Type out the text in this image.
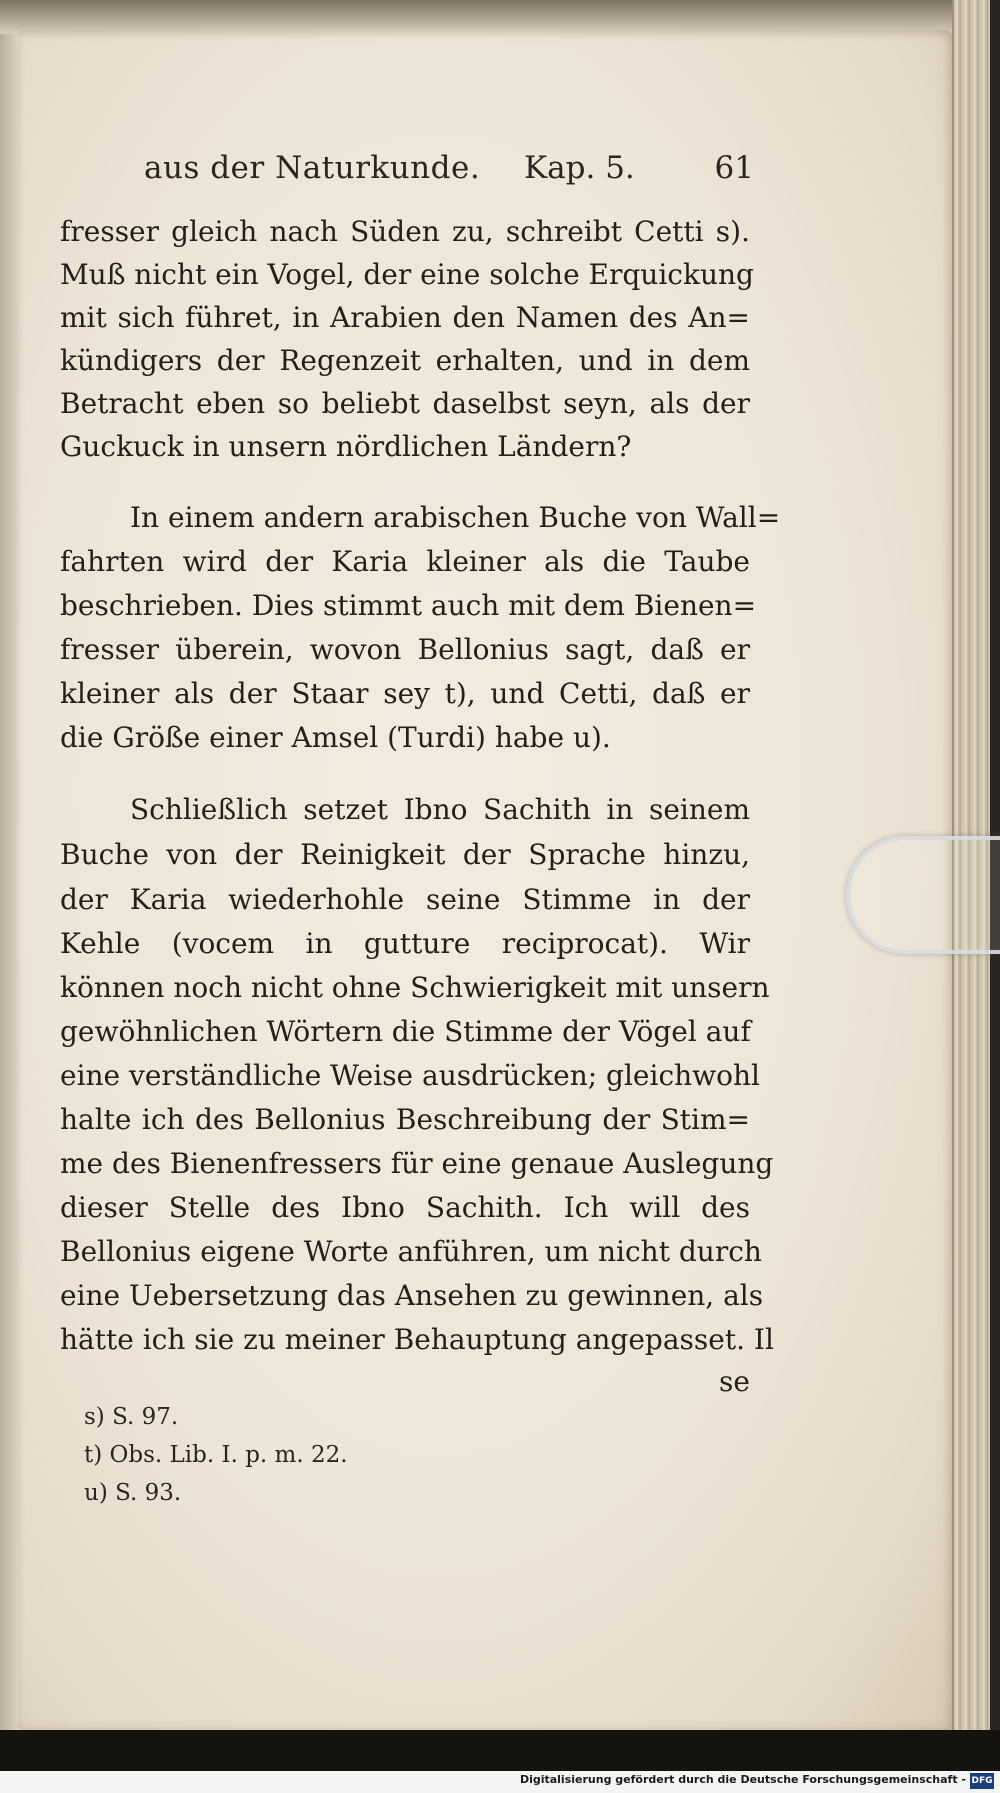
aus der Naturkunde. Kap. 5.	61
fresser gleich nach Süden zu, schreibt Cetti s).
Muß nicht ein Vogel, der eine solche Erquickung
mit sich führet, in Arabien den Namen des An=
kündigers der Regenzeit erhalten, und in dem
Betracht eben so beliebt daselbst seyn, als der
Guckuck in unsern nördlichen Ländern?
In einem andern arabischen Buche von Wall=
fahrten wird der Karia kleiner als die Taube
beschrieben. Dies stimmt auch mit dem Bienen=
fresser überein, wovon Bellonius sagt, daß er
kleiner als der Staar sey t), und Cetti, daß er
die Größe einer Amsel (Turdi) habe u).
Schließlich setzet Ibno Sachith in seinem
Buche von der Reinigkeit der Sprache hinzu,
der Karia wiederhohle seine Stimme in der
Kehle (vocem in gutture reciprocat). Wir
können noch nicht ohne Schwierigkeit mit unsern
gewöhnlichen Wörtern die Stimme der Vögel auf
eine verständliche Weise ausdrücken; gleichwohl
halte ich des Bellonius Beschreibung der Stim=
me des Bienenfressers für eine genaue Auslegung
dieser Stelle des Ibno Sachith. Ich will des
Bellonius eigene Worte anführen, um nicht durch
eine Uebersetzung das Ansehen zu gewinnen, als
hätte ich sie zu meiner Behauptung angepasset. Il
se
s) S. 97.
t) Obs. Lib. I. p. m. 22.
u) S. 93.
Digitalisierung gefördert durch die Deutsche Forschungsgemeinschaft - DFG
